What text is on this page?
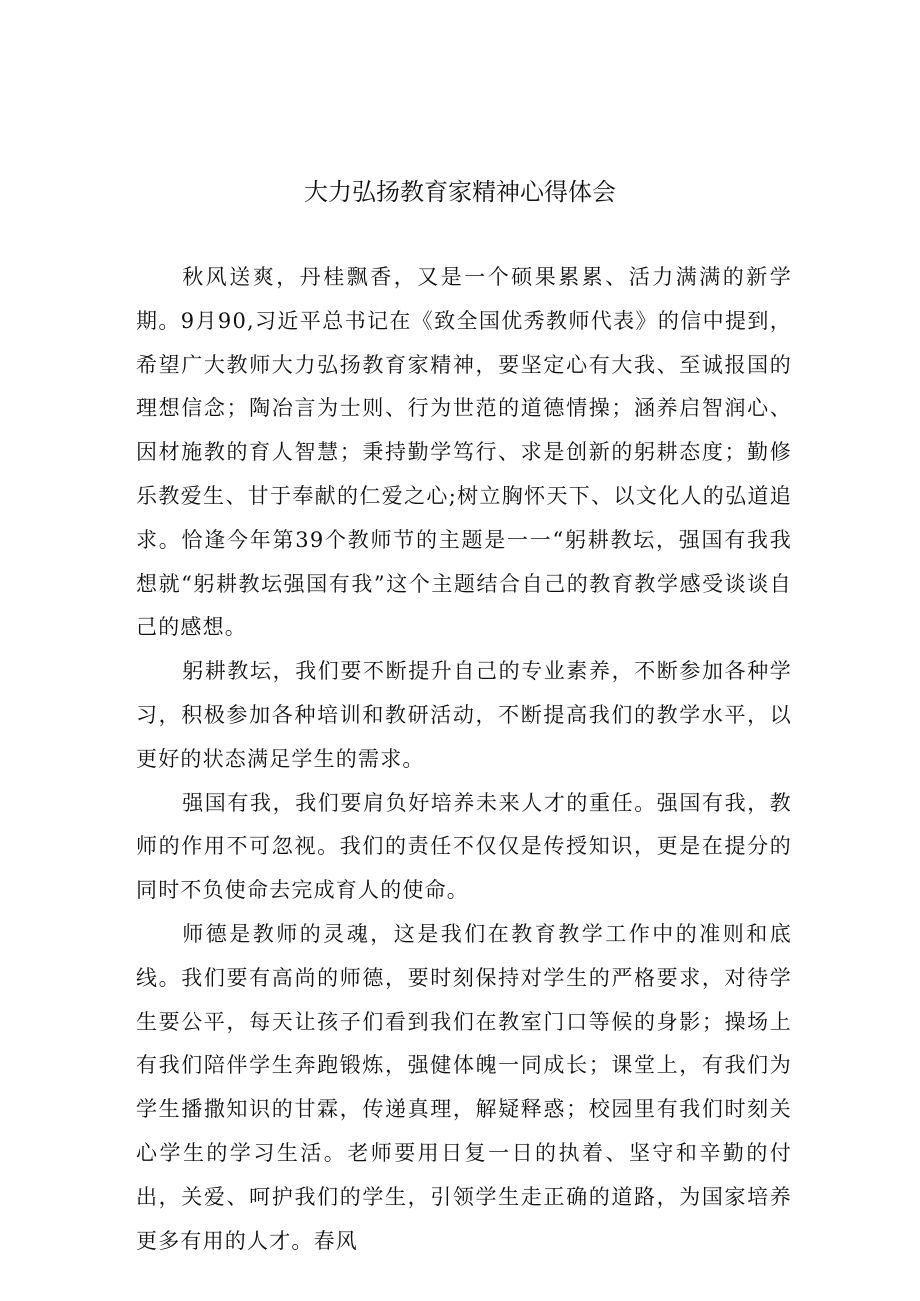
大力弘扬教育家精神心得体会

秋风送爽，丹桂飘香，又是一个硕果累累、活力满满的新学期。9月90,习近平总书记在《致全国优秀教师代表》的信中提到，希望广大教师大力弘扬教育家精神，要坚定心有大我、至诚报国的理想信念；陶冶言为士则、行为世范的道德情操；涵养启智润心、因材施教的育人智慧；秉持勤学笃行、求是创新的躬耕态度；勤修乐教爱生、甘于奉献的仁爱之心;树立胸怀天下、以文化人的弘道追求。恰逢今年第39个教师节的主题是一一“躬耕教坛，强国有我我想就“躬耕教坛强国有我”这个主题结合自己的教育教学感受谈谈自己的感想。

躬耕教坛，我们要不断提升自己的专业素养，不断参加各种学习，积极参加各种培训和教研活动，不断提高我们的教学水平，以更好的状态满足学生的需求。

强国有我，我们要肩负好培养未来人才的重任。强国有我，教师的作用不可忽视。我们的责任不仅仅是传授知识，更是在提分的同时不负使命去完成育人的使命。

师德是教师的灵魂，这是我们在教育教学工作中的准则和底线。我们要有高尚的师德，要时刻保持对学生的严格要求，对待学生要公平，每天让孩子们看到我们在教室门口等候的身影；操场上有我们陪伴学生奔跑锻炼，强健体魄一同成长；课堂上，有我们为学生播撒知识的甘霖，传递真理，解疑释惑；校园里有我们时刻关心学生的学习生活。老师要用日复一日的执着、坚守和辛勤的付出，关爱、呵护我们的学生，引领学生走正确的道路，为国家培养更多有用的人才。春风
